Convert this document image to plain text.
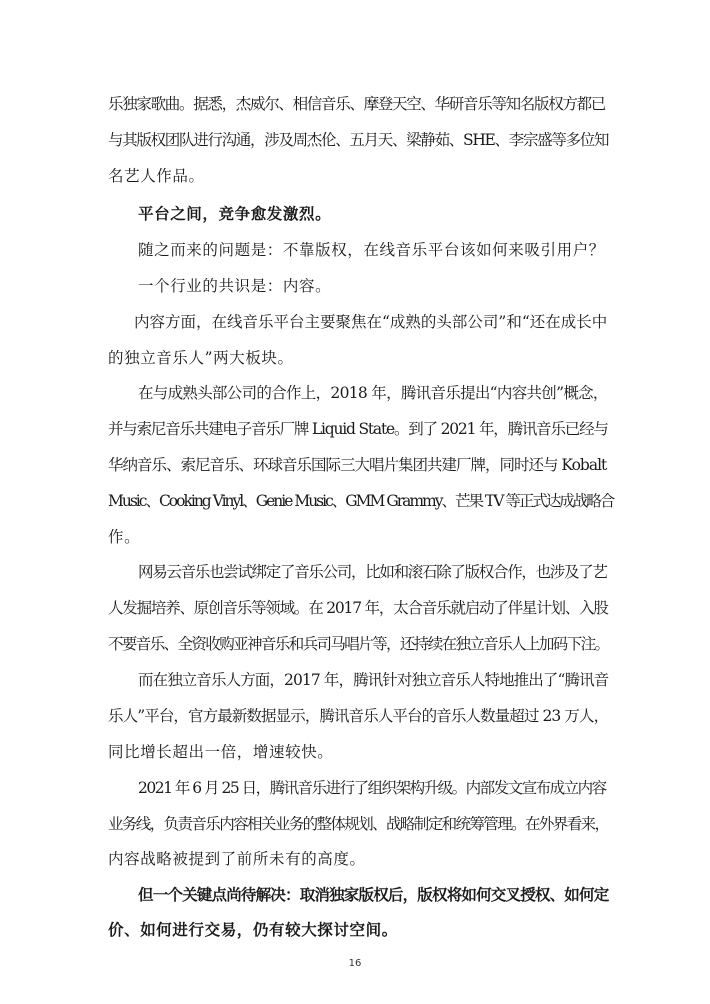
乐独家歌曲。据悉，杰威尔、相信音乐、摩登天空、华研音乐等知名版权方都已
与其版权团队进行沟通，涉及周杰伦、五月天、梁静茹、SHE、李宗盛等多位知
名艺人作品。
平台之间，竞争愈发激烈。
随之而来的问题是：不靠版权，在线音乐平台该如何来吸引用户？
一个行业的共识是：内容。
内容方面，在线音乐平台主要聚焦在“成熟的头部公司”和“还在成长中
的独立音乐人”两大板块。
在与成熟头部公司的合作上，2018 年，腾讯音乐提出“内容共创”概念，
并与索尼音乐共建电子音乐厂牌 Liquid State。到了 2021 年，腾讯音乐已经与
华纳音乐、索尼音乐、环球音乐国际三大唱片集团共建厂牌，同时还与 Kobalt
Music、Cooking Vinyl、Genie Music、GMM Grammy、芒果 TV 等正式达成战略合
作。
网易云音乐也尝试绑定了音乐公司，比如和滚石除了版权合作，也涉及了艺
人发掘培养、原创音乐等领域。在 2017 年，太合音乐就启动了伴星计划、入股
不要音乐、全资收购亚神音乐和兵司马唱片等，还持续在独立音乐人上加码下注。
而在独立音乐人方面，2017 年，腾讯针对独立音乐人特地推出了“腾讯音
乐人”平台，官方最新数据显示，腾讯音乐人平台的音乐人数量超过 23 万人，
同比增长超出一倍，增速较快。
2021 年 6 月 25 日，腾讯音乐进行了组织架构升级。内部发文宣布成立内容
业务线，负责音乐内容相关业务的整体规划、战略制定和统筹管理。在外界看来，
内容战略被提到了前所未有的高度。
但一个关键点尚待解决：取消独家版权后，版权将如何交叉授权、如何定
价、如何进行交易，仍有较大探讨空间。
16
